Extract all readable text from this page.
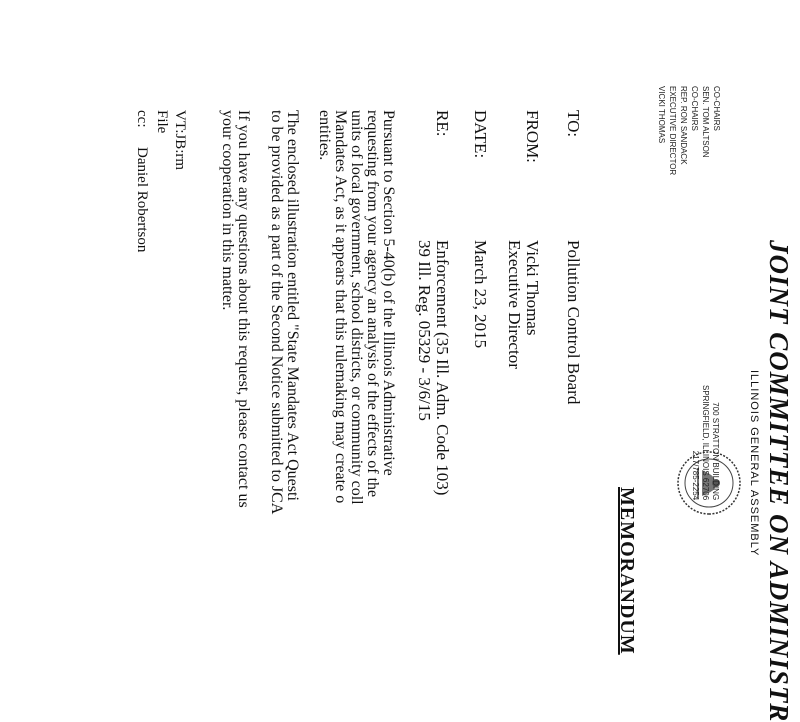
JOINT COMMITTEE ON ADMINISTR
ILLINOIS GENERAL ASSEMBLY
CO-CHAIRS
SEN. TOM ALTSON
CO-CHAIRS
REP. RON SANDACK
EXECUTIVE DIRECTOR
VICKI THOMAS
700 STRATTON BUILDING
SPRINGFIELD, ILLINOIS 62706
217/785-2254
MEMORANDUM
TO:
Pollution Control Board
FROM:
Vicki Thomas
Executive Director
DATE:
March 23, 2015
RE:
Enforcement (35 Ill. Adm. Code 103)
39 Ill. Reg. 05329 - 3/6/15
Pursuant to Section 5-40(b) of the Illinois Administrative
requesting from your agency an analysis of the effects of the
units of local government, school districts, or community coll
Mandates Act, as it appears that this rulemaking may create o
entities.
The enclosed illustration entitled "State Mandates Act Questi
to be provided as a part of the Second Notice submitted to JCA
If you have any questions about this request, please contact us
your cooperation in this matter.
VT:JB:rm
File
cc:
Daniel Robertson
